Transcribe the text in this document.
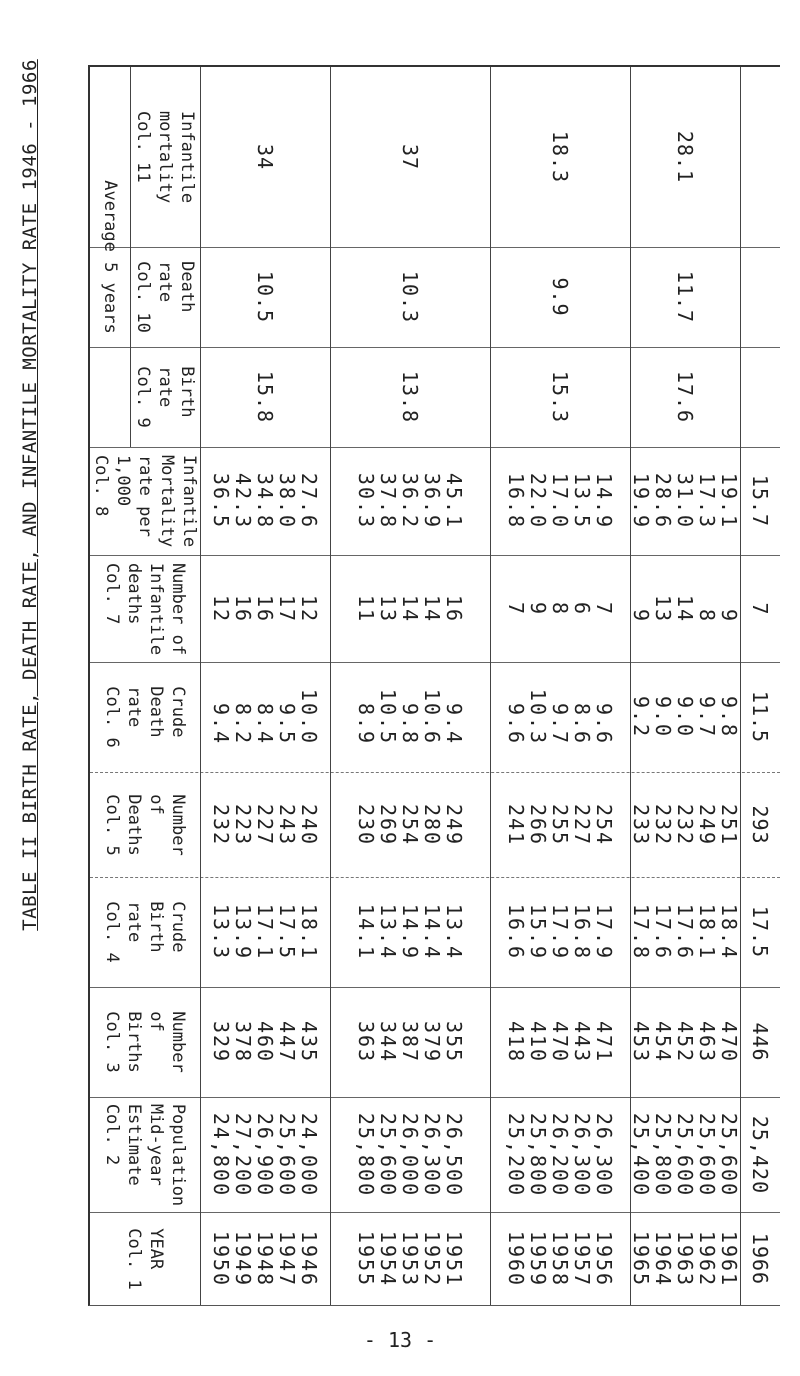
TABLE II BIRTH RATE, DEATH RATE, AND INFANTILE MORTALITY RATE 1946 - 1966	Average 5 years
Infantile
mortality
Col. 11
Death
rate
Col. 10
Birth
rate
Col. 9
Infantile
Mortality
rate per
1,000
Col. 8
Number of
Infantile
deaths
Col. 7
Crude
Death
rate
Col. 6
Number
of
Deaths
Col. 5
Crude
Birth
rate
Col. 4
Number
of
Births
Col. 3
Population
Mid-year
Estimate
Col. 2
YEAR
Col. 1
34
10.5
15.8
27.6
38.0
34.8
42.3
36.5
12
17
16
16
12
10.0
9.5
8.4
8.2
9.4
240
243
227
223
232
18.1
17.5
17.1
13.9
13.3
435
447
460
378
329
24,000
25,600
26,900
27,200
24,800
1946
1947
1948
1949
1950
37
10.3
13.8
45.1
36.9
36.2
37.8
30.3
16
14
14
13
11
9.4
10.6
9.8
10.5
8.9
249
280
254
269
230
13.4
14.4
14.9
13.4
14.1
355
379
387
344
363
26,500
26,300
26,000
25,600
25,800
1951
1952
1953
1954
1955
18.3
9.9
15.3
14.9
13.5
17.0
22.0
16.8
7
6
8
9
7
9.6
8.6
9.7
10.3
9.6
254
227
255
266
241
17.9
16.8
17.9
15.9
16.6
471
443
470
410
418
26,300
26,300
26,200
25,800
25,200
1956
1957
1958
1959
1960
28.1
11.7
17.6
19.1
17.3
31.0
28.6
19.9
9
8
14
13
9
9.8
9.7
9.0
9.0
9.2
251
249
232
232
233
18.4
18.1
17.6
17.6
17.8
470
463
452
454
453
25,600
25,600
25,600
25,800
25,400
1961
1962
1963
1964
1965
15.7
7
11.5
293
17.5
446
25,420
1966
- 13 -
